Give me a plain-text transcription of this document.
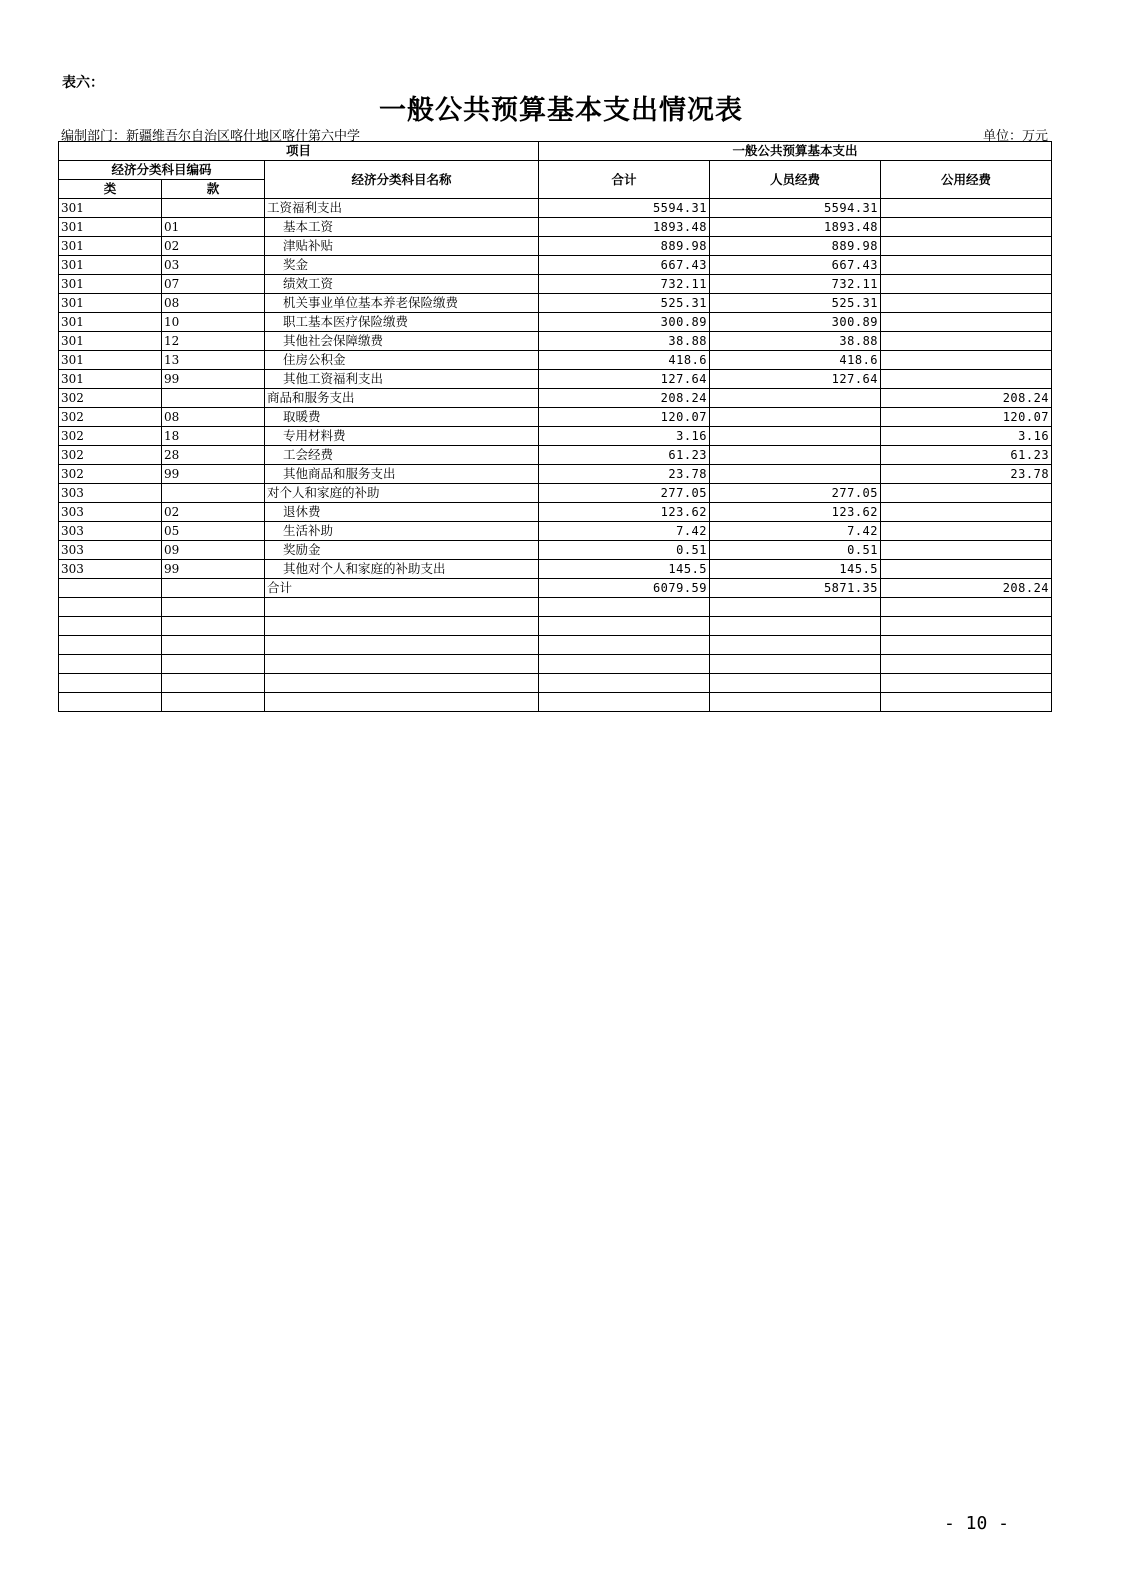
表六：
一般公共预算基本支出情况表
编制部门：新疆维吾尔自治区喀什地区喀什第六中学	单位：万元
项目			一般公共预算基本支出		
经济分类科目编码		经济分类科目名称	合计	人员经费	公用经费
类	款				
301		工资福利支出	5594.31	5594.31	
301	01	基本工资	1893.48	1893.48	
301	02	津贴补贴	889.98	889.98	
301	03	奖金	667.43	667.43	
301	07	绩效工资	732.11	732.11	
301	08	机关事业单位基本养老保险缴费	525.31	525.31	
301	10	职工基本医疗保险缴费	300.89	300.89	
301	12	其他社会保障缴费	38.88	38.88	
301	13	住房公积金	418.6	418.6	
301	99	其他工资福利支出	127.64	127.64	
302		商品和服务支出	208.24		208.24
302	08	取暖费	120.07		120.07
302	18	专用材料费	3.16		3.16
302	28	工会经费	61.23		61.23
302	99	其他商品和服务支出	23.78		23.78
303		对个人和家庭的补助	277.05	277.05	
303	02	退休费	123.62	123.62	
303	05	生活补助	7.42	7.42	
303	09	奖励金	0.51	0.51	
303	99	其他对个人和家庭的补助支出	145.5	145.5	
		合计	6079.59	5871.35	208.24

- 10 -
